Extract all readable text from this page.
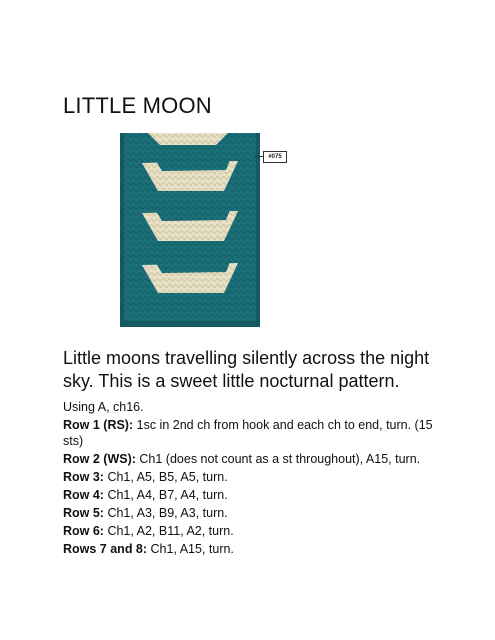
LITTLE MOON
#075

Little moons travelling silently across the night sky. This is a sweet little nocturnal pattern.

Using A, ch16.

Row 1 (RS): 1sc in 2nd ch from hook and each ch to end, turn. (15 sts)

Row 2 (WS): Ch1 (does not count as a st throughout), A15, turn.

Row 3: Ch1, A5, B5, A5, turn.

Row 4: Ch1, A4, B7, A4, turn.

Row 5: Ch1, A3, B9, A3, turn.

Row 6: Ch1, A2, B11, A2, turn.

Rows 7 and 8: Ch1, A15, turn.
